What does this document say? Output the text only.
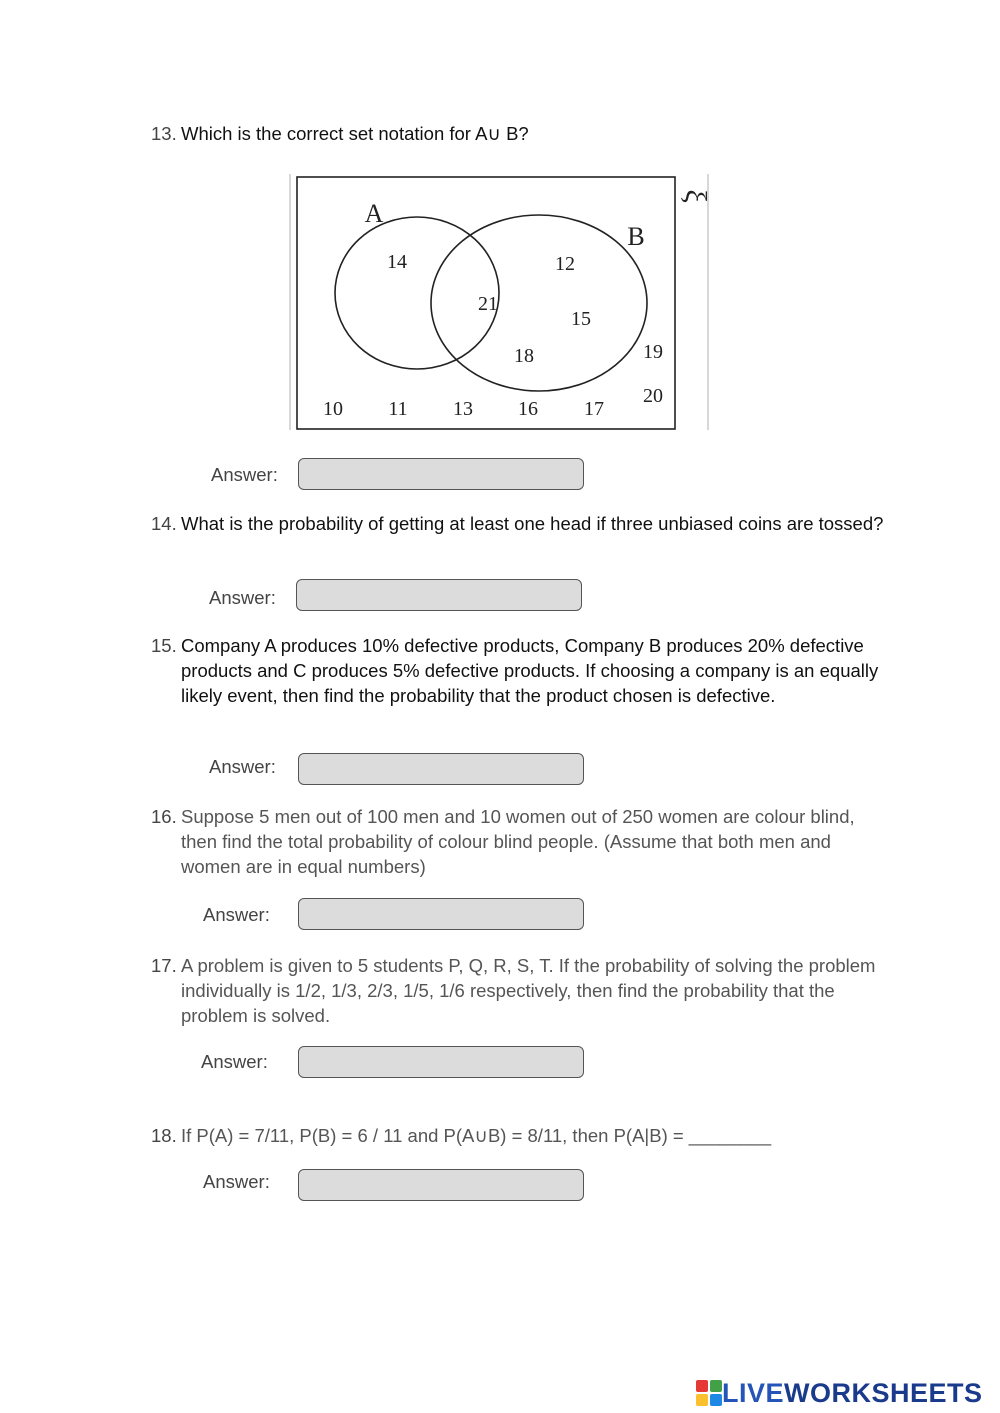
13. Which is the correct set notation for A∪ B?
ξ
A
B
14
21
12
15
18
10 11 13 16 17
19
20
Answer:
14. What is the probability of getting at least one head if three unbiased coins are tossed?
Answer:
15. Company A produces 10% defective products, Company B produces 20% defective products and C produces 5% defective products. If choosing a company is an equally likely event, then find the probability that the product chosen is defective.
Answer:
16. Suppose 5 men out of 100 men and 10 women out of 250 women are colour blind, then find the total probability of colour blind people. (Assume that both men and women are in equal numbers)
Answer:
17. A problem is given to 5 students P, Q, R, S, T. If the probability of solving the problem individually is 1/2, 1/3, 2/3, 1/5, 1/6 respectively, then find the probability that the problem is solved.
Answer:
18. If P(A) = 7/11, P(B) = 6 / 11 and P(A∪B) = 8/11, then P(A|B) = ________
Answer:
LIVEWORKSHEETS
